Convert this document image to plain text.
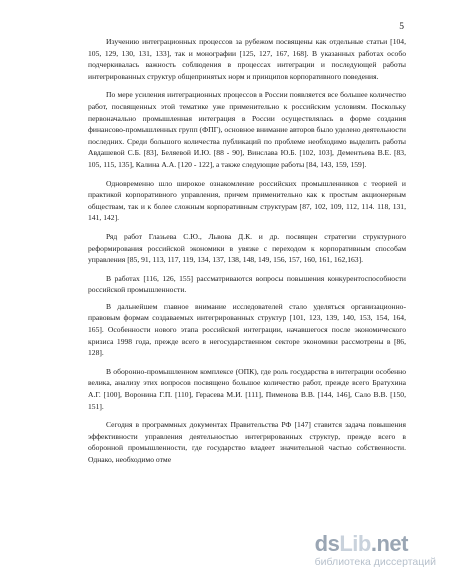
5

Изучению интеграционных процессов за рубежом посвящены как отдельные статьи [104, 105, 129, 130, 131, 133], так и монографии [125, 127, 167, 168]. В указанных работах особо подчеркивалась важность соблюдения в процессах интеграции и последующей работы интегрированных структур общепринятых норм и принципов корпоративного поведения.

По мере усиления интеграционных процессов в России появляется все большее количество работ, посвященных этой тематике уже применительно к российским условиям. Поскольку первоначально промышленная интеграция в России осуществлялась в форме создания финансово-промышленных групп (ФПГ), основное внимание авторов было уделено деятельности последних. Среди большого количества публикаций по проблеме необходимо выделить работы Авдашевой С.Б. [83], Беляевой И.Ю. [88 - 90], Винслава Ю.Б. [102, 103], Дементьева В.Е. [83, 105, 115, 135], Калина А.А. [120 - 122], а также следующие работы [84, 143, 159, 159].

Одновременно шло широкое ознакомление российских промышленников с теорией и практикой корпоративного управления, причем применительно как к простым акционерным обществам, так и к более сложным корпоративным структурам [87, 102, 109, 112, 114. 118, 131, 141, 142].

Ряд работ Глазьева С.Ю., Львова Д.К. и др. посвящен стратегии структурного реформирования российской экономики в увязке с переходом к корпоративным способам управления [85, 91, 113, 117, 119, 134, 137, 138, 148, 149, 156, 157, 160, 161, 162,163].

В работах [116, 126, 155] рассматриваются вопросы повышения конкурентоспособности российской промышленности.

В дальнейшем главное внимание исследователей стало уделяться организационно-правовым формам создаваемых интегрированных структур [101, 123, 139, 140, 153, 154, 164, 165]. Особенности нового этапа российской интеграции, начавшегося после экономического кризиса 1998 года, прежде всего в негосударственном секторе экономики рассмотрены в [86, 128].

В оборонно-промышленном комплексе (ОПК), где роль государства в интеграции особенно велика, анализу этих вопросов посвящено большое количество работ, прежде всего Братухина А.Г. [100], Воронина Г.П. [110], Гераcева М.И. [111], Пименова В.В. [144, 146], Сало В.В. [150, 151].

Сегодня в программных документах Правительства РФ [147] ставится задача повышения эффективности управления деятельностью интегрированных структур, прежде всего в оборонной промышленности, где государство владеет значительной частью собственности. Однако, необходимо отме

dsLib.net
библиотека диссертаций
